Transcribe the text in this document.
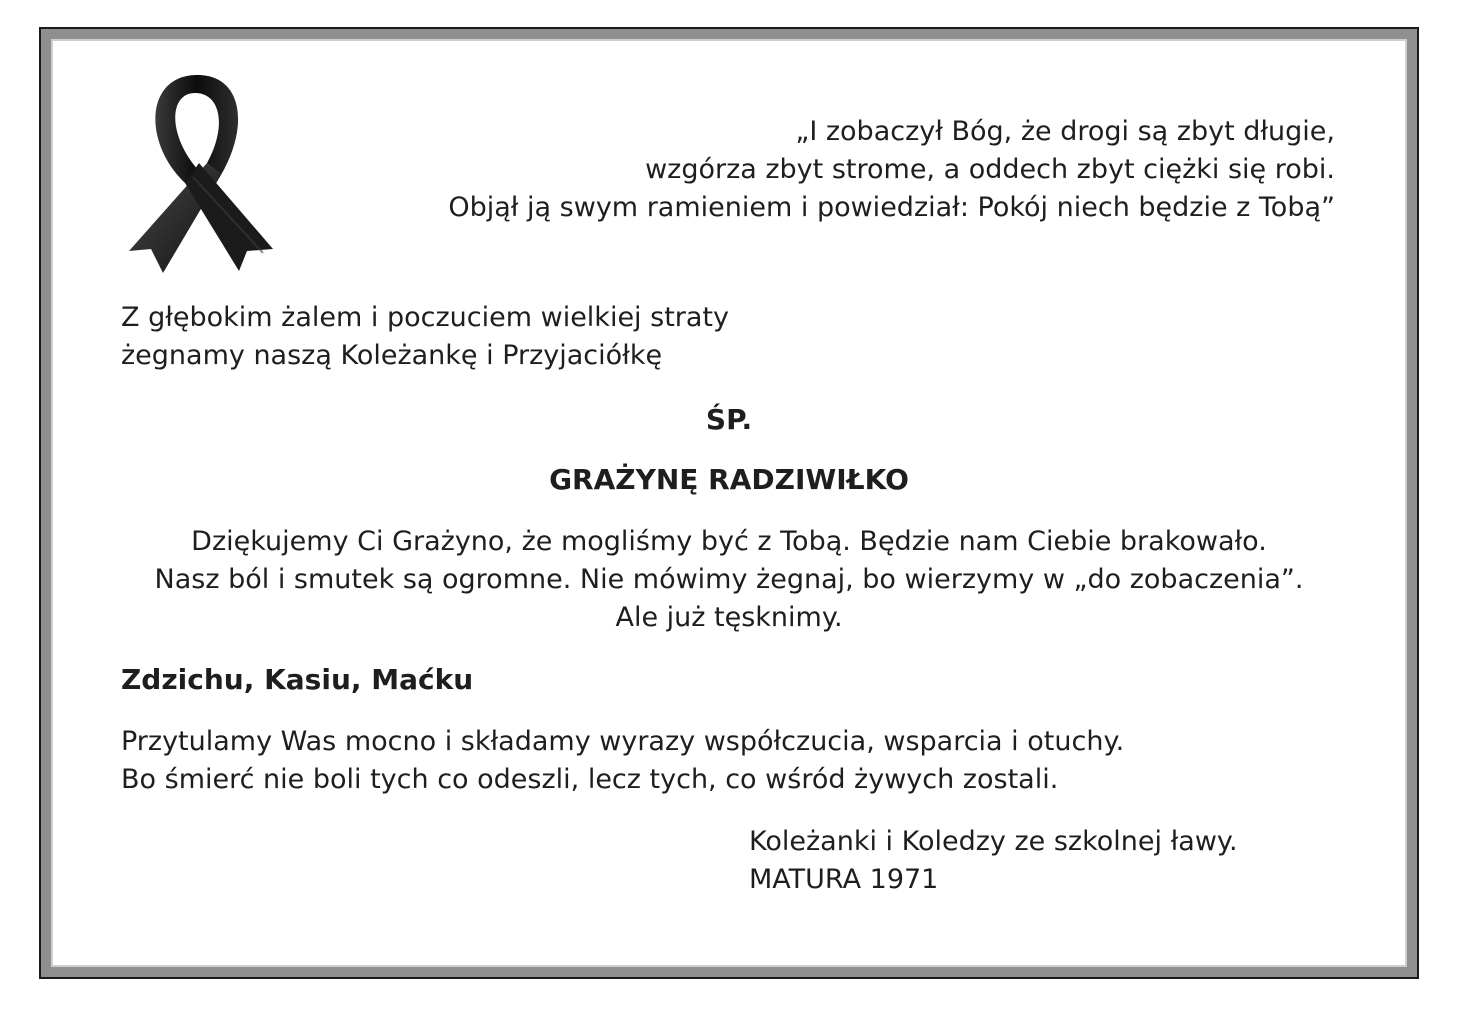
„I zobaczył Bóg, że drogi są zbyt długie,
wzgórza zbyt strome, a oddech zbyt ciężki się robi.
Objął ją swym ramieniem i powiedział: Pokój niech będzie z Tobą”
Z głębokim żalem i poczuciem wielkiej straty
żegnamy naszą Koleżankę i Przyjaciółkę
ŚP.
GRAŻYNĘ RADZIWIŁKO
Dziękujemy Ci Grażyno, że mogliśmy być z Tobą. Będzie nam Ciebie brakowało.
Nasz ból i smutek są ogromne. Nie mówimy żegnaj, bo wierzymy w „do zobaczenia”.
Ale już tęsknimy.
Zdzichu, Kasiu, Maćku
Przytulamy Was mocno i składamy wyrazy współczucia, wsparcia i otuchy.
Bo śmierć nie boli tych co odeszli, lecz tych, co wśród żywych zostali.
Koleżanki i Koledzy ze szkolnej ławy.
MATURA 1971
